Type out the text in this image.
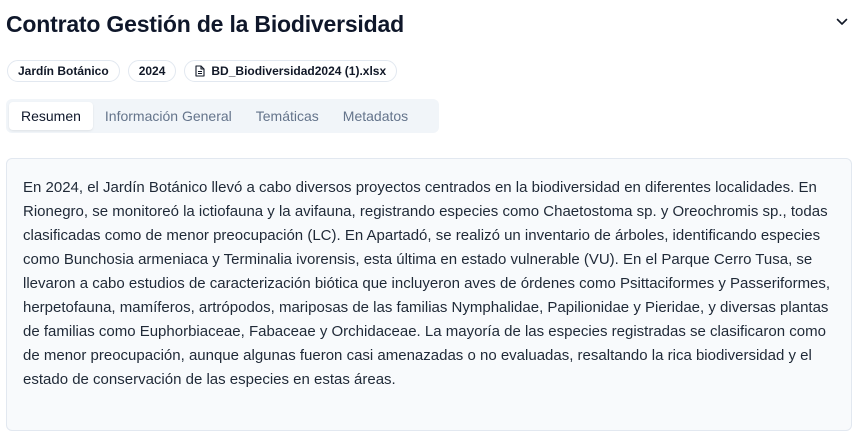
Contrato Gestión de la Biodiversidad
Jardín Botánico	2024	BD_Biodiversidad2024 (1).xlsx
Resumen	Información General	Temáticas	Metadatos

En 2024, el Jardín Botánico llevó a cabo diversos proyectos centrados en la biodiversidad en diferentes localidades. En Rionegro, se monitoreó la ictiofauna y la avifauna, registrando especies como Chaetostoma sp. y Oreochromis sp., todas clasificadas como de menor preocupación (LC). En Apartadó, se realizó un inventario de árboles, identificando especies como Bunchosia armeniaca y Terminalia ivorensis, esta última en estado vulnerable (VU). En el Parque Cerro Tusa, se llevaron a cabo estudios de caracterización biótica que incluyeron aves de órdenes como Psittaciformes y Passeriformes, herpetofauna, mamíferos, artrópodos, mariposas de las familias Nymphalidae, Papilionidae y Pieridae, y diversas plantas de familias como Euphorbiaceae, Fabaceae y Orchidaceae. La mayoría de las especies registradas se clasificaron como de menor preocupación, aunque algunas fueron casi amenazadas o no evaluadas, resaltando la rica biodiversidad y el estado de conservación de las especies en estas áreas.
